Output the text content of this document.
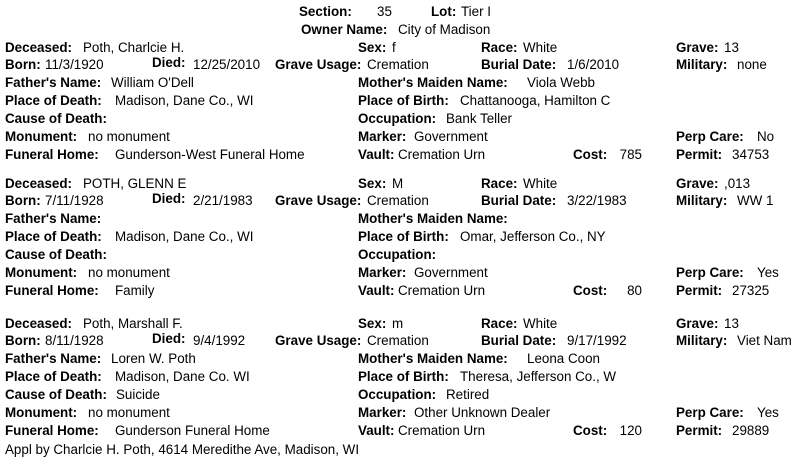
Section: 35	Lot: Tier I
Owner Name: City of Madison
Deceased: Poth, Charlcie H.	Sex: f	Race: White	Grave: 13
Born: 11/3/1920	Died: 12/25/2010 Grave Usage: Cremation	Burial Date: 1/6/2010	Military: none
Father's Name: William O'Dell	Mother's Maiden Name: Viola Webb
Place of Death: Madison, Dane Co., WI	Place of Birth: Chattanooga, Hamilton C
Cause of Death:	Occupation: Bank Teller
Monument: no monument	Marker: Government	Perp Care: No
Funeral Home: Gunderson-West Funeral Home	Vault: Cremation Urn	Cost: 785	Permit: 34753
Deceased: POTH, GLENN E	Sex: M	Race: White	Grave: ,013
Born: 7/11/1928	Died: 2/21/1983 Grave Usage: Cremation	Burial Date: 3/22/1983	Military: WW 1
Father's Name:	Mother's Maiden Name:
Place of Death: Madison, Dane Co., WI	Place of Birth: Omar, Jefferson Co., NY
Cause of Death:	Occupation:
Monument: no monument	Marker: Government	Perp Care: Yes
Funeral Home: Family	Vault: Cremation Urn	Cost: 80	Permit: 27325
Deceased: Poth, Marshall F.	Sex: m	Race: White	Grave: 13
Born: 8/11/1928	Died: 9/4/1992 Grave Usage: Cremation	Burial Date: 9/17/1992	Military: Viet Nam
Father's Name: Loren W. Poth	Mother's Maiden Name: Leona Coon
Place of Death: Madison, Dane Co. WI	Place of Birth: Theresa, Jefferson Co., W
Cause of Death: Suicide	Occupation: Retired
Monument: no monument	Marker: Other Unknown Dealer	Perp Care: Yes
Funeral Home: Gunderson Funeral Home	Vault: Cremation Urn	Cost: 120	Permit: 29889
Appl by Charlcie H. Poth, 4614 Meredithe Ave, Madison, WI
